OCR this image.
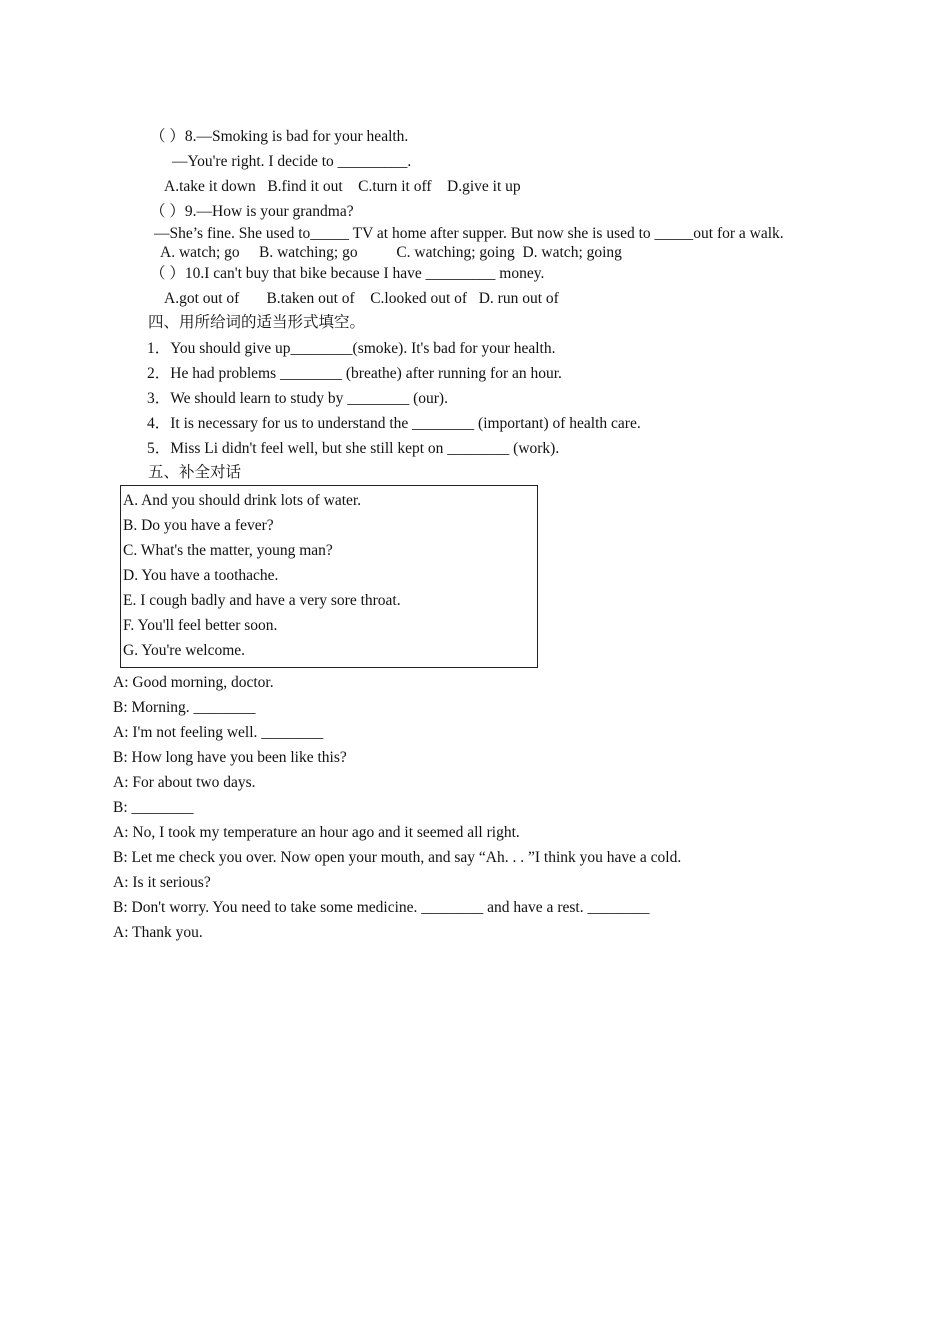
（ ）8.—Smoking is bad for your health.
—You're right. I decide to _________.
A.take it down   B.find it out    C.turn it off    D.give it up
（ ）9.—How is your grandma?
—She’s fine. She used to_____ TV at home after supper. But now she is used to _____out for a walk.
A. watch; go     B. watching; go          C. watching; going  D. watch; going
（ ）10.I can't buy that bike because I have _________ money.
A.got out of       B.taken out of    C.looked out of   D. run out of
四、用所给词的适当形式填空。
1．You should give up________(smoke). It's bad for your health.
2．He had problems ________ (breathe) after running for an hour.
3．We should learn to study by ________ (our).
4．It is necessary for us to understand the ________ (important) of health care.
5．Miss Li didn't feel well, but she still kept on ________ (work).
五、补全对话
A. And you should drink lots of water.
B. Do you have a fever?
C. What's the matter, young man?
D. You have a toothache.
E. I cough badly and have a very sore throat.
F. You'll feel better soon.
G. You're welcome.
A: Good morning, doctor.
B: Morning. ________
A: I'm not feeling well. ________
B: How long have you been like this?
A: For about two days.
B: ________
A: No, I took my temperature an hour ago and it seemed all right.
B: Let me check you over. Now open your mouth, and say “Ah. . . ”I think you have a cold.
A: Is it serious?
B: Don't worry. You need to take some medicine. ________ and have a rest. ________
A: Thank you.
